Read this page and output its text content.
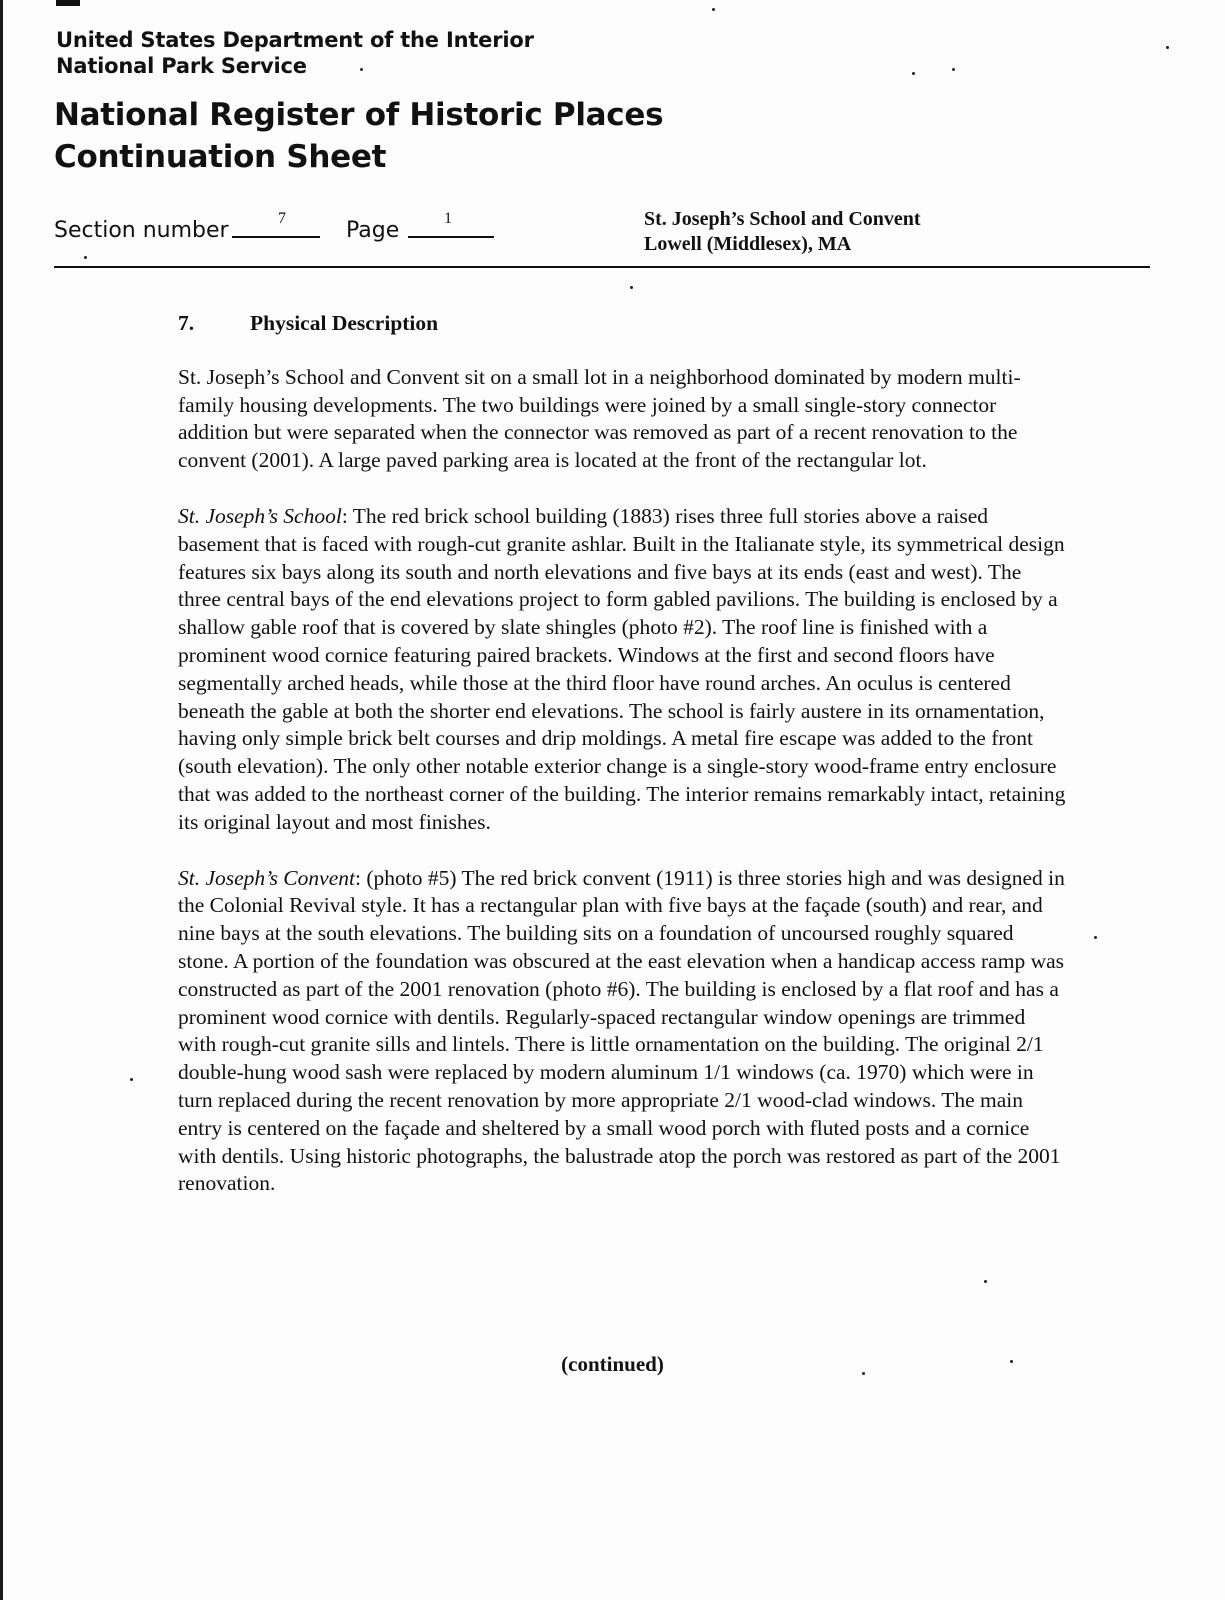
United States Department of the Interior
National Park Service
National Register of Historic Places
Continuation Sheet
Section number	7	Page	1	St. Joseph’s School and Convent
Lowell (Middlesex), MA
7.	Physical Description

St. Joseph’s School and Convent sit on a small lot in a neighborhood dominated by modern multi-family housing developments. The two buildings were joined by a small single-story connector addition but were separated when the connector was removed as part of a recent renovation to the convent (2001). A large paved parking area is located at the front of the rectangular lot.

St. Joseph’s School: The red brick school building (1883) rises three full stories above a raised basement that is faced with rough-cut granite ashlar. Built in the Italianate style, its symmetrical design features six bays along its south and north elevations and five bays at its ends (east and west). The three central bays of the end elevations project to form gabled pavilions. The building is enclosed by a shallow gable roof that is covered by slate shingles (photo #2). The roof line is finished with a prominent wood cornice featuring paired brackets. Windows at the first and second floors have segmentally arched heads, while those at the third floor have round arches. An oculus is centered beneath the gable at both the shorter end elevations. The school is fairly austere in its ornamentation, having only simple brick belt courses and drip moldings. A metal fire escape was added to the front (south elevation). The only other notable exterior change is a single-story wood-frame entry enclosure that was added to the northeast corner of the building. The interior remains remarkably intact, retaining its original layout and most finishes.

St. Joseph’s Convent: (photo #5) The red brick convent (1911) is three stories high and was designed in the Colonial Revival style. It has a rectangular plan with five bays at the façade (south) and rear, and nine bays at the south elevations. The building sits on a foundation of uncoursed roughly squared stone. A portion of the foundation was obscured at the east elevation when a handicap access ramp was constructed as part of the 2001 renovation (photo #6). The building is enclosed by a flat roof and has a prominent wood cornice with dentils. Regularly-spaced rectangular window openings are trimmed with rough-cut granite sills and lintels. There is little ornamentation on the building. The original 2/1 double-hung wood sash were replaced by modern aluminum 1/1 windows (ca. 1970) which were in turn replaced during the recent renovation by more appropriate 2/1 wood-clad windows. The main entry is centered on the façade and sheltered by a small wood porch with fluted posts and a cornice with dentils. Using historic photographs, the balustrade atop the porch was restored as part of the 2001 renovation.

(continued)
